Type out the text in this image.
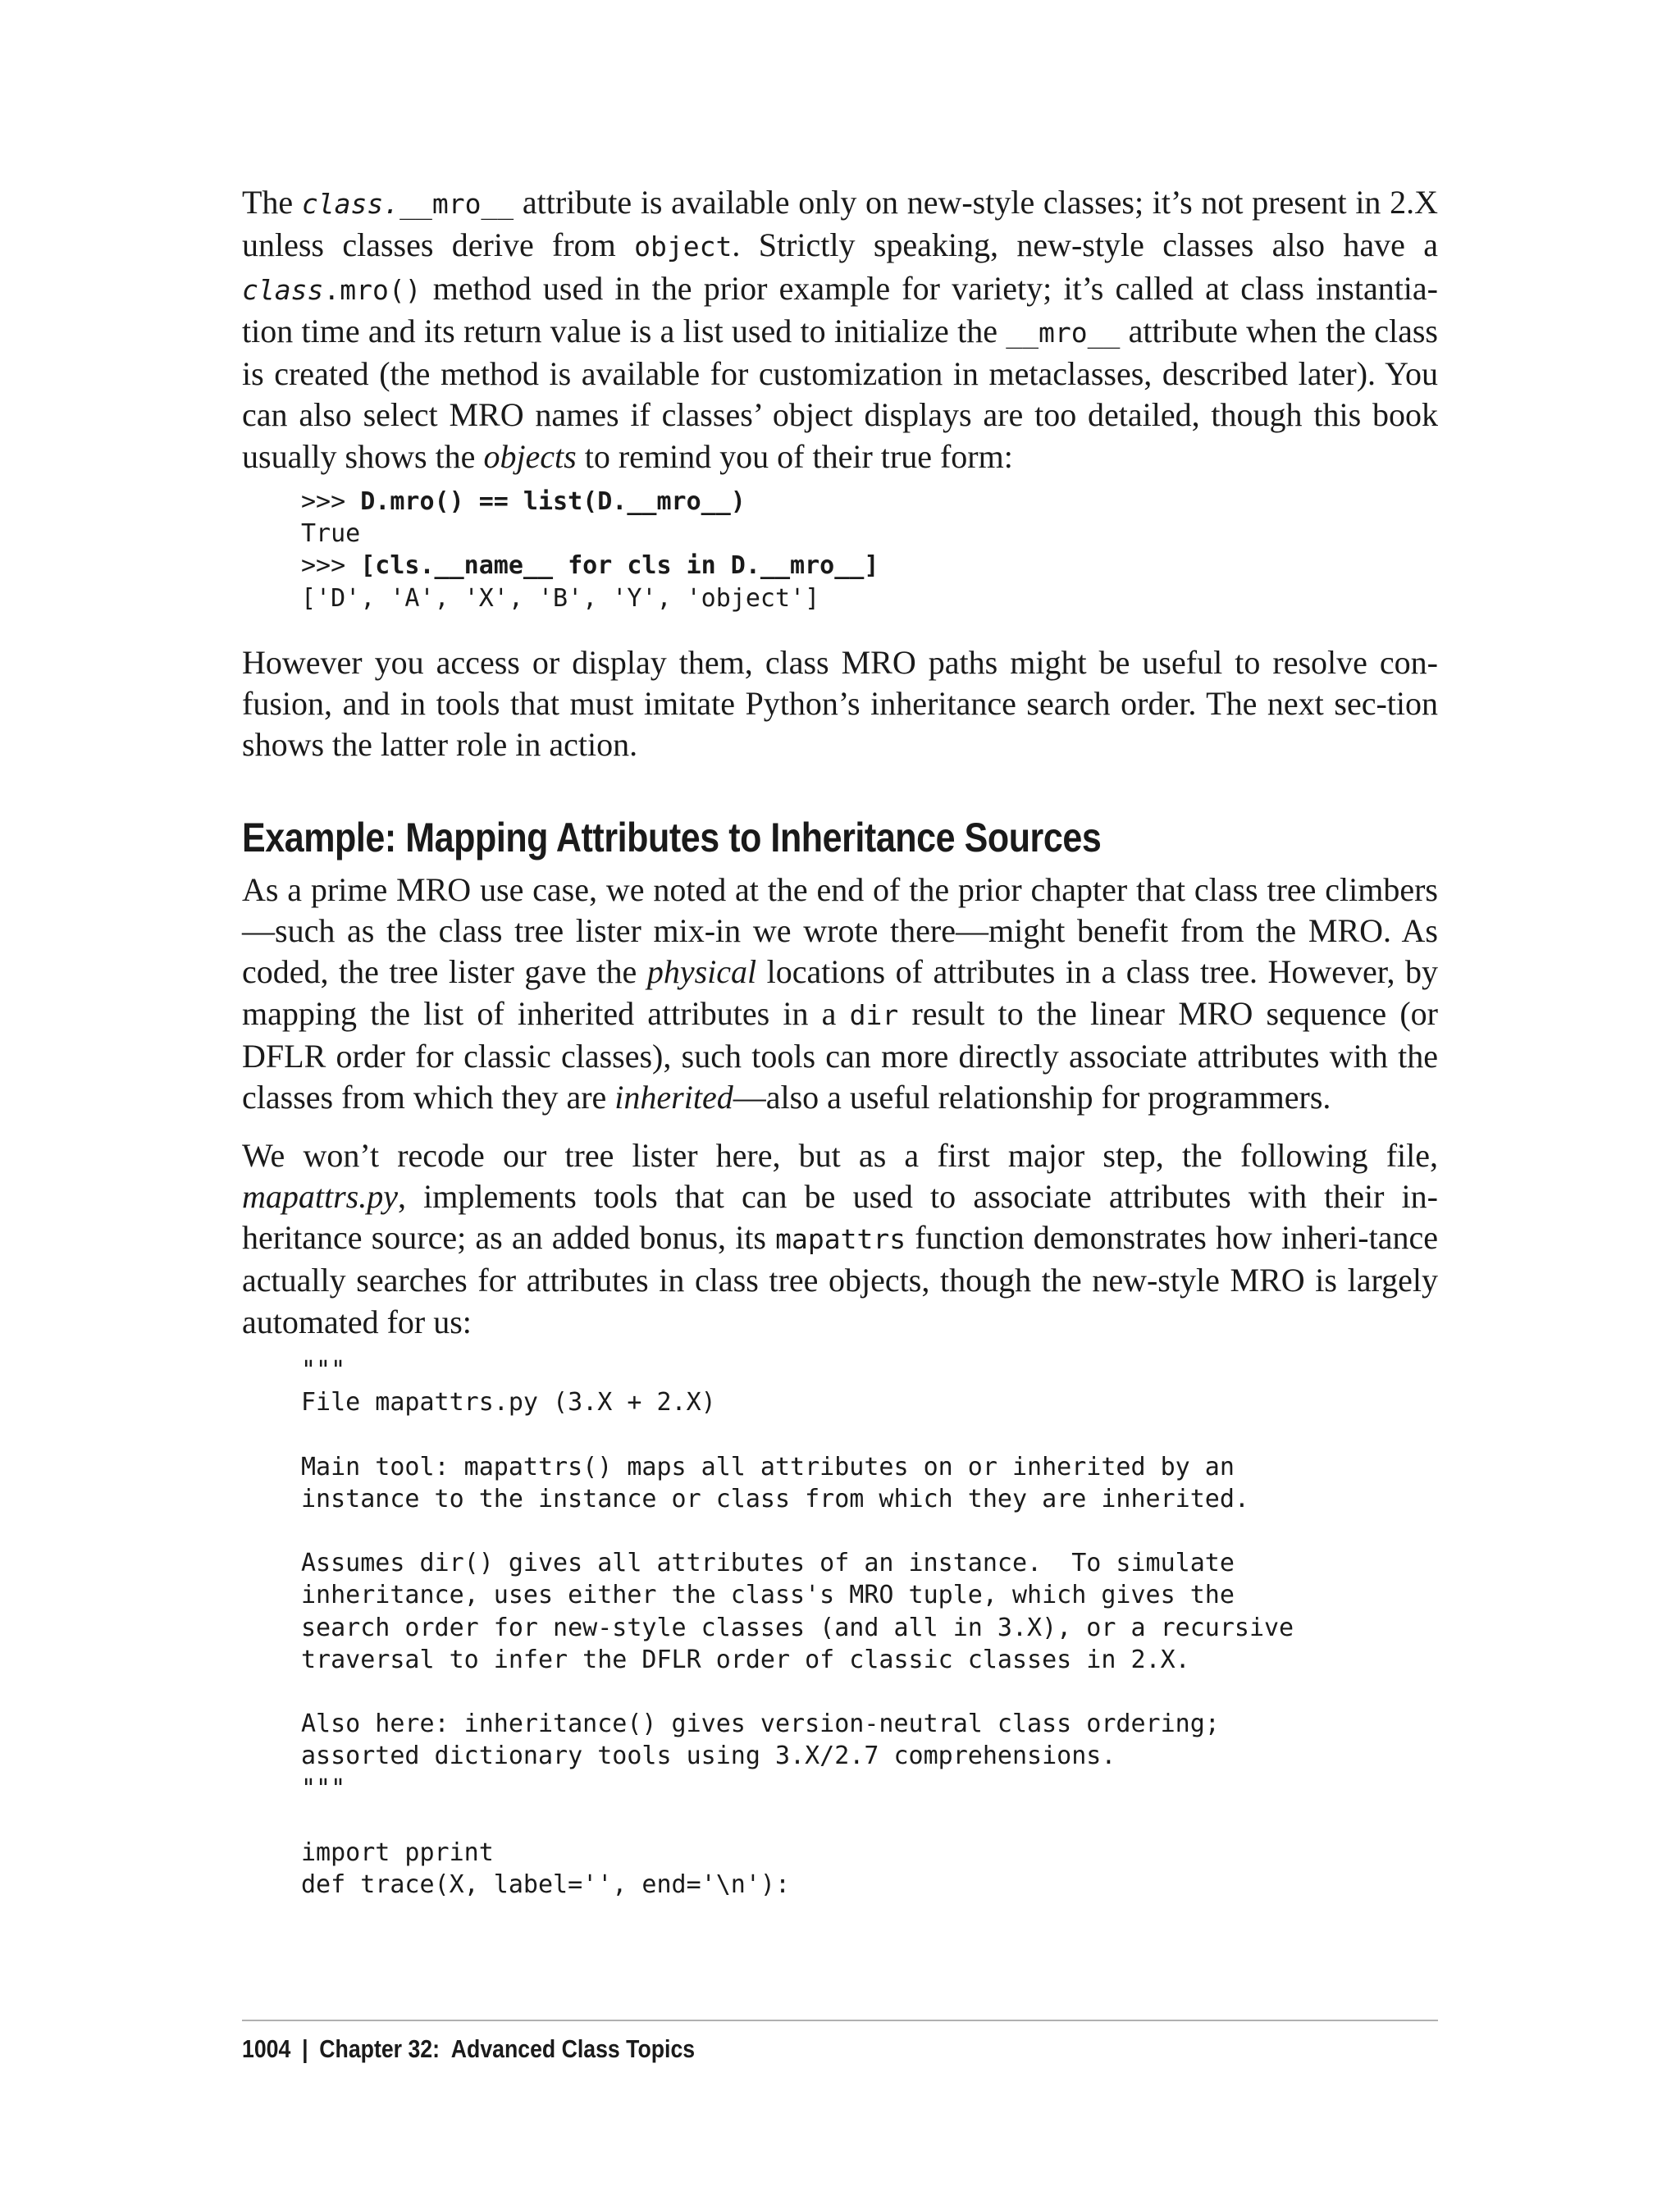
The class.__mro__ attribute is available only on new-style classes; it’s not present in 2.X unless classes derive from object. Strictly speaking, new-style classes also have a class.mro() method used in the prior example for variety; it’s called at class instantia-tion time and its return value is a list used to initialize the __mro__ attribute when the class is created (the method is available for customization in metaclasses, described later). You can also select MRO names if classes’ object displays are too detailed, though this book usually shows the objects to remind you of their true form:

>>> D.mro() == list(D.__mro__)
True
>>> [cls.__name__ for cls in D.__mro__]
['D', 'A', 'X', 'B', 'Y', 'object']

However you access or display them, class MRO paths might be useful to resolve con-fusion, and in tools that must imitate Python’s inheritance search order. The next sec-tion shows the latter role in action.

Example: Mapping Attributes to Inheritance Sources

As a prime MRO use case, we noted at the end of the prior chapter that class tree climbers—such as the class tree lister mix-in we wrote there—might benefit from the MRO. As coded, the tree lister gave the physical locations of attributes in a class tree. However, by mapping the list of inherited attributes in a dir result to the linear MRO sequence (or DFLR order for classic classes), such tools can more directly associate attributes with the classes from which they are inherited—also a useful relationship for programmers.

We won’t recode our tree lister here, but as a first major step, the following file, mapattrs.py, implements tools that can be used to associate attributes with their in-heritance source; as an added bonus, its mapattrs function demonstrates how inheri-tance actually searches for attributes in class tree objects, though the new-style MRO is largely automated for us:

"""
File mapattrs.py (3.X + 2.X)

Main tool: mapattrs() maps all attributes on or inherited by an
instance to the instance or class from which they are inherited.

Assumes dir() gives all attributes of an instance.  To simulate
inheritance, uses either the class's MRO tuple, which gives the
search order for new-style classes (and all in 3.X), or a recursive
traversal to infer the DFLR order of classic classes in 2.X.

Also here: inheritance() gives version-neutral class ordering;
assorted dictionary tools using 3.X/2.7 comprehensions.
"""

import pprint
def trace(X, label='', end='\n'):
1004 | Chapter 32:  Advanced Class Topics
